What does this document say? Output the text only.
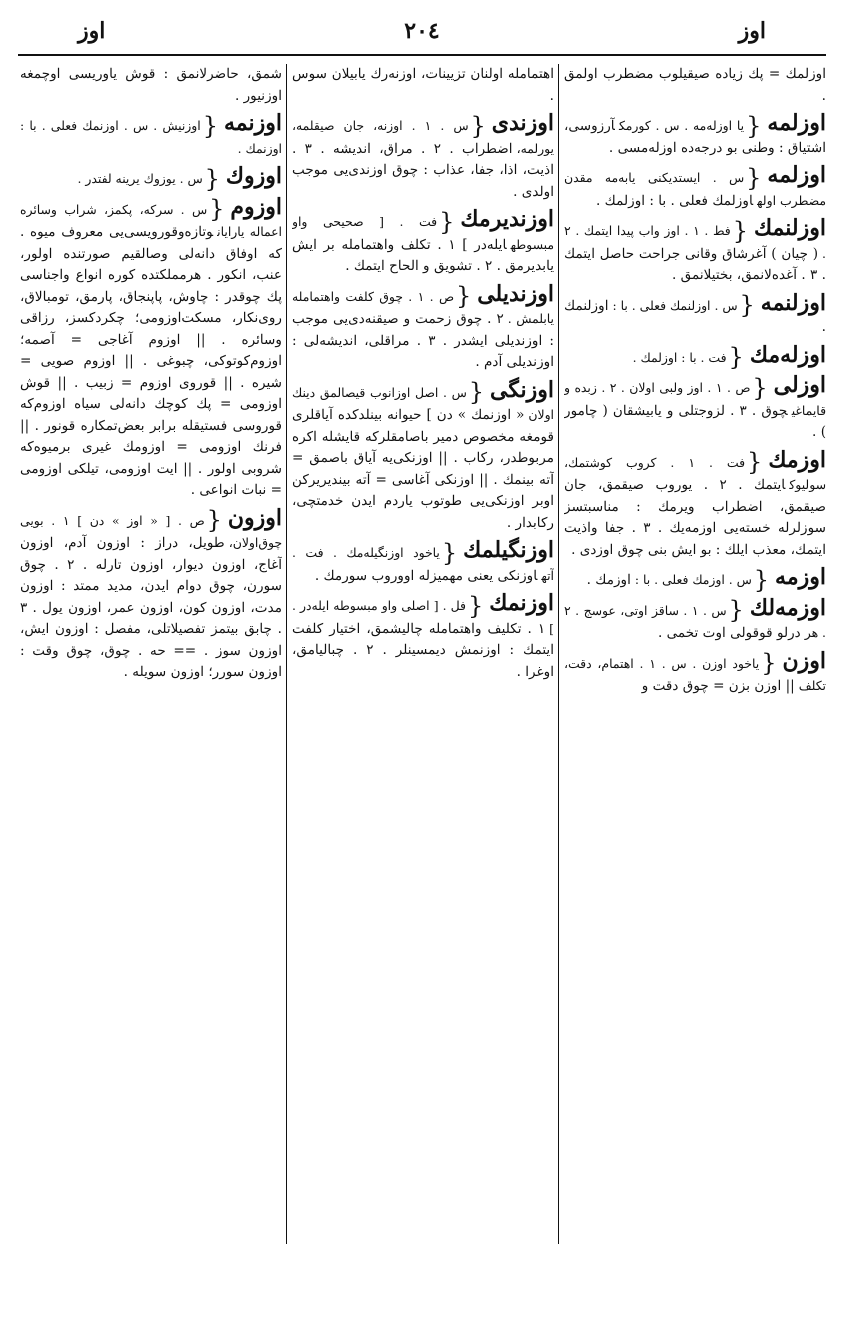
اوز	٢٠٤	اوز
اوزلمك = پك زياده صيقيلوب مضطرب اولمق .
اوزلمه{ يا اوزله‌مه . س . كورمكآرزوسی، اشتياق : وطنی بو درجه‌ده اوزله‌مسی .
اوزلمه{ س . ايستديكنی يابه‌مه مقدن مضطرب اولهاوزلمك فعلی . با : اوزلمك .
اوزلنمك{ فط . ١ . اوز واب پيدا ايتمك . ٢ .( چيان ) آغرشاق وقانی جراحت حاصل ايتمك . ٣ . آغده‌لانمق، بختيلانمق .
اوزلنمه{ س . اوزلنمك فعلی . با :اوزلنمك .
اوزله‌مك{ فت . با : اوزلمك .
اوزلی{ ص . ١ . اوز ولبی اولان . ٢ . زبده و قايماغیچوق . ٣ . لزوجتلی و يابيشقان ( چامور ) .
اوزمك{ فت . ١ . كروب كوشتمك، سوليوكايتمك . ٢ . يوروب صيقمق، جان صيقمق، اضطراب ويرمك : مناسبتسز سوزلرله خسته‌يی اوزمه‌يك . ٣ . جفا واذيت ايتمك، معذب ايلك : بو ايش بنی چوق اوزدی .
اوزمه{ س . اوزمك فعلی . با :اوزمك .
اوزمه‌لك{ س . ١ . ساقز اوتی، عوسج . ٢ . هردرلو قوقولی اوت تخمی .
اوزن{ يا‌خود اوزن . س . ١ . اهتمام، دقت، تكلف|| اوزن بزن = چوق دقت و
اهتمامله اولنان تزيينات، اوزنه‌رك يابيلان سوس .
اوزندی{ س . ١ . اوزنه، جان صيقلمه، يورلمه،اضطراب . ٢ . مراق، انديشه . ٣ . اذيت، اذا، جفا، عذاب : چوق اوزندی‌يی موجب اولدی .
اوزنديرمك{ فت . [ صحيحی واو مبسوطهايله‌در ] ١ . تكلف واهتمامله بر ايش يابديرمق . ٢ . تشويق و الحاح ايتمك .
اوزنديلی{ ص . ١ . چوق كلفت واهتمامله يابلمش .٢ . چوق زحمت و صيقنه‌دی‌يی موجب : اوزنديلی ايشدر . ٣ . مراقلی، انديشه‌لی : اوزنديلی آدم .
اوزنگی{ س . اصل اوزانوب قيصالمق دينك اولان« اوزنمك » دن ] حيوانه بينلدكده آياقلری قومغه مخصوص دمير باصامقلرکه قايشله اكره مربوطدر، ركاب . || اوزنكی‌يه آياق باصمق = آته بينمك . || اوزنكی آغاسی = آته بينديريركن اوبر اوزنكی‌يی طوتوب ياردم ايدن خدمتچی، ركابدار .
اوزنگيلمك{ ياخود اوزنگيله‌مك . فت . آتهاوزنكی يعنی مهميزله اووروب سورمك .
اوزنمك{ فل . [ اصلی واو مبسوطه ايله‌در . ]١ . تكليف واهتمامله چاليشمق، اختيار كلفت ايتمك : اوزنمش ديمسينلر . ٢ . چباليامق، اوغرا .
شمق، حاضرلانمق : قوش يا‌وريسی اوچمغه اوزنيور .
اوزنمه{ اوزنيش . س . اوزنمك فعلی . با : اوزنمك .
اوزوك{ س . يوزوك يرينه لفتدر .
اوزوم{ س . سركه، پكمز، شراب وسائره اعماله يارايانوتازه‌وقورويسی‌يی معروف ميوه . كه اوفاق دانه‌لی وصالقيم صورتنده اولور، عنب، انكور . هرمملكتده كوره انواع واجناسی پك چوقدر : چاوش، پاپنجاق، پارمق، تومبالاق، روی‌نكار، مسكت‌اوزومی؛ چكردكسز، رزاقی وسائره . || اوزوم آغاجی = آصمه؛ اوزوم‌كوتوكی، چبوغی . || اوزوم صويی = شيره . || قوروی اوزوم = زبيب . || قوش اوزومی = پك كوچك دانه‌لی سياه اوزوم‌كه قوروسی فستيقله برابر بعض‌تمكاره قونور . || فرنك اوزومی = اوزومك غيری برميوه‌كه شروبی اولور . || ايت اوزومی، تيلكی اوزومی = نبات انواعی .
اوزون{ ص . [ « اوز » دن ] ١ . بويی چوق‌اولان،طويل، دراز : اوزون آدم، اوزون آغاج، اوزون ديوار، اوزون تارله . ٢ . چوق سورن، چوق دوام ايدن، مديد ممتد : اوزون مدت، اوزون كون، اوزون عمر، اوزون يول . ٣ . چابق بيتمز تفصيلاتلی، مفصل : اوزون ايش، اوزون سوز . == حه . چوق، چوق وقت : اوزون سورر؛ اوزون سويله .
